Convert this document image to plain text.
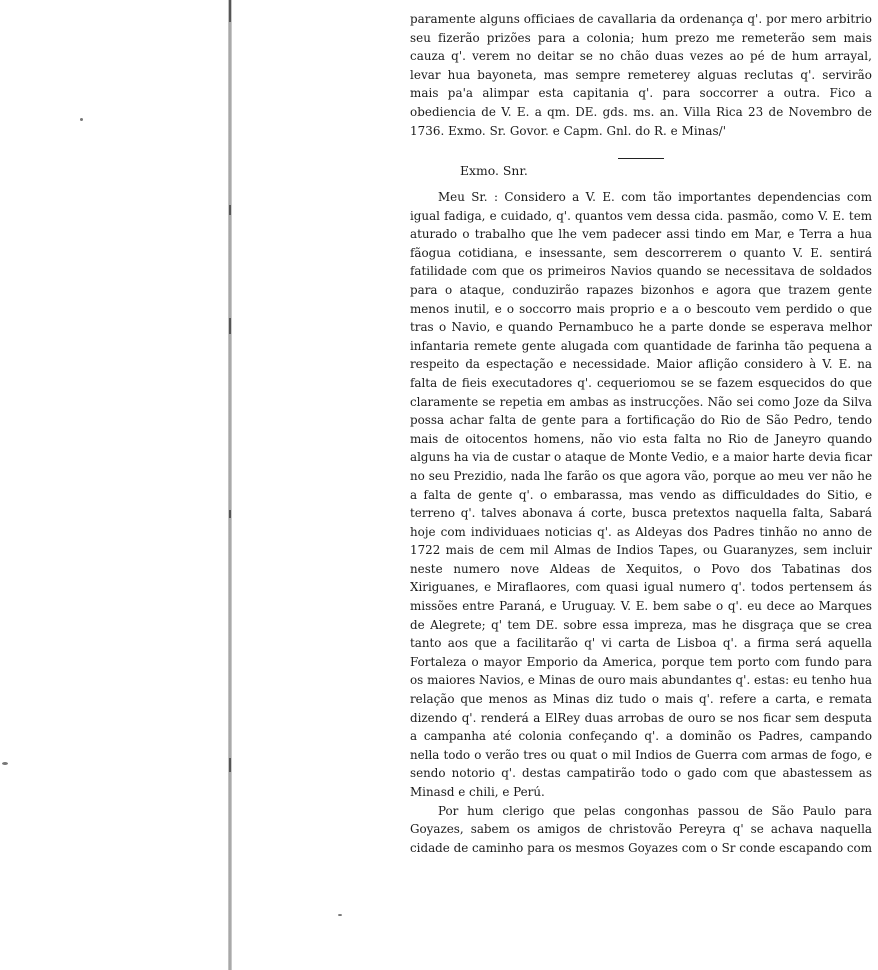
paramente alguns officiaes de cavallaria da ordenança q'. por mero arbitrio seu fizerão prizões para a colonia; hum prezo me remeterão sem mais cauza q'. verem no deitar se no chão duas vezes ao pé de hum arrayal, levar hua bayoneta, mas sempre remeterey alguas reclutas q'. servirão mais pa'a alimpar esta capitania q'. para soccorrer a outra. Fico a obediencia de V. E. a qm. DE. gds. ms. an. Villa Rica 23 de Novembro de 1736. Exmo. Sr. Govor. e Capm. Gnl. do R. e Minas/'

Exmo. Snr.

Meu Sr. : Considero a V. E. com tão importantes dependencias com igual fadiga, e cuidado, q'. quantos vem dessa cida. pasmão, como V. E. tem aturado o trabalho que lhe vem padecer assi tindo em Mar, e Terra a hua fãogua cotidiana, e insessante, sem descorrerem o quanto V. E. sentirá fatilidade com que os primeiros Navios quando se necessitava de soldados para o ataque, conduzirão rapazes bizonhos e agora que trazem gente menos inutil, e o soccorro mais proprio e a o bescouto vem perdido o que tras o Navio, e quando Pernambuco he a parte donde se esperava melhor infantaria remete gente alugada com quantidade de farinha tão pequena a respeito da espectação e necessidade. Maior aflição considero à V. E. na falta de fieis executadores q'. cequeriomou se se fazem esquecidos do que claramente se repetia em ambas as instrucções. Não sei como Joze da Silva possa achar falta de gente para a fortificação do Rio de São Pedro, tendo mais de oitocentos homens, não vio esta falta no Rio de Janeyro quando alguns ha via de custar o ataque de Monte Vedio, e a maior harte devia ficar no seu Prezidio, nada lhe farão os que agora vão, porque ao meu ver não he a falta de gente q'. o embarassa, mas vendo as difficuldades do Sitio, e terreno q'. talves abonava á corte, busca pretextos naquella falta, Sabará hoje com individuaes noticias q'. as Aldeyas dos Padres tinhão no anno de 1722 mais de cem mil Almas de Indios Tapes, ou Guaranyzes, sem incluir neste numero nove Aldeas de Xequitos, o Povo dos Tabatinas dos Xiriguanes, e Miraflaores, com quasi igual numero q'. todos pertensem ás missões entre Paraná, e Uruguay. V. E. bem sabe o q'. eu dece ao Marques de Alegrete; q' tem DE. sobre essa impreza, mas he disgraça que se crea tanto aos que a facilitarão q' vi carta de Lisboa q'. a firma será aquella Fortaleza o mayor Emporio da America, porque tem porto com fundo para os maiores Navios, e Minas de ouro mais abundantes q'. estas: eu tenho hua relação que menos as Minas diz tudo o mais q'. refere a carta, e remata dizendo q'. renderá a ElRey duas arrobas de ouro se nos ficar sem desputa a campanha até colonia confeçando q'. a dominão os Padres, campando nella todo o verão tres ou quat o mil Indios de Guerra com armas de fogo, e sendo notorio q'. destas campatirão todo o gado com que abastessem as Minasd e chili, e Perú.

Por hum clerigo que pelas congonhas passou de São Paulo para Goyazes, sabem os amigos de christovão Pereyra q' se achava naquella cidade de caminho para os mesmos Goyazes com o Sr conde escapando com
